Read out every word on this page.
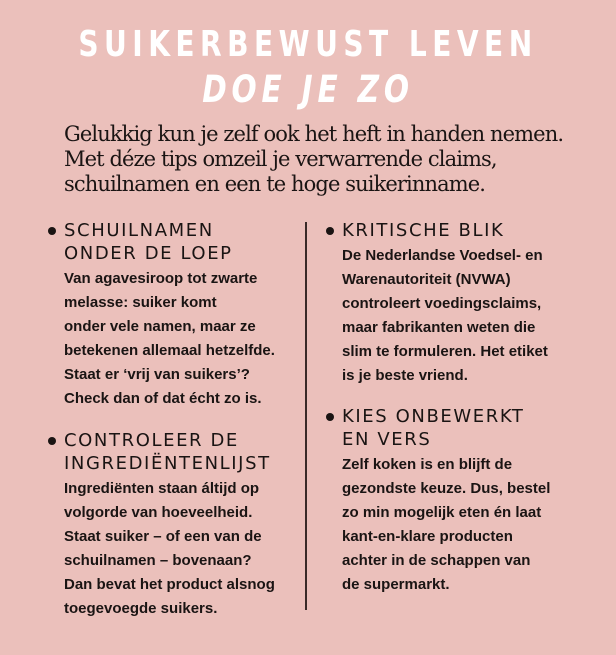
SUIKERBEWUST LEVEN
DOE JE ZO
Gelukkig kun je zelf ook het heft in handen nemen.
Met déze tips omzeil je verwarrende claims,
schuilnamen en een te hoge suikerinname.
SCHUILNAMEN
ONDER DE LOEP
Van agavesiroop tot zwarte
melasse: suiker komt
onder vele namen, maar ze
betekenen allemaal hetzelfde.
Staat er ‘vrij van suikers’?
Check dan of dat écht zo is.
CONTROLEER DE
INGREDIËNTENLIJST
Ingrediënten staan áltijd op
volgorde van hoeveelheid.
Staat suiker – of een van de
schuilnamen – bovenaan?
Dan bevat het product alsnog
toegevoegde suikers.
KRITISCHE BLIK
De Nederlandse Voedsel- en
Warenautoriteit (NVWA)
controleert voedingsclaims,
maar fabrikanten weten die
slim te formuleren. Het etiket
is je beste vriend.
KIES ONBEWERKT
EN VERS
Zelf koken is en blijft de
gezondste keuze. Dus, bestel
zo min mogelijk eten én laat
kant-en-klare producten
achter in de schappen van
de supermarkt.
